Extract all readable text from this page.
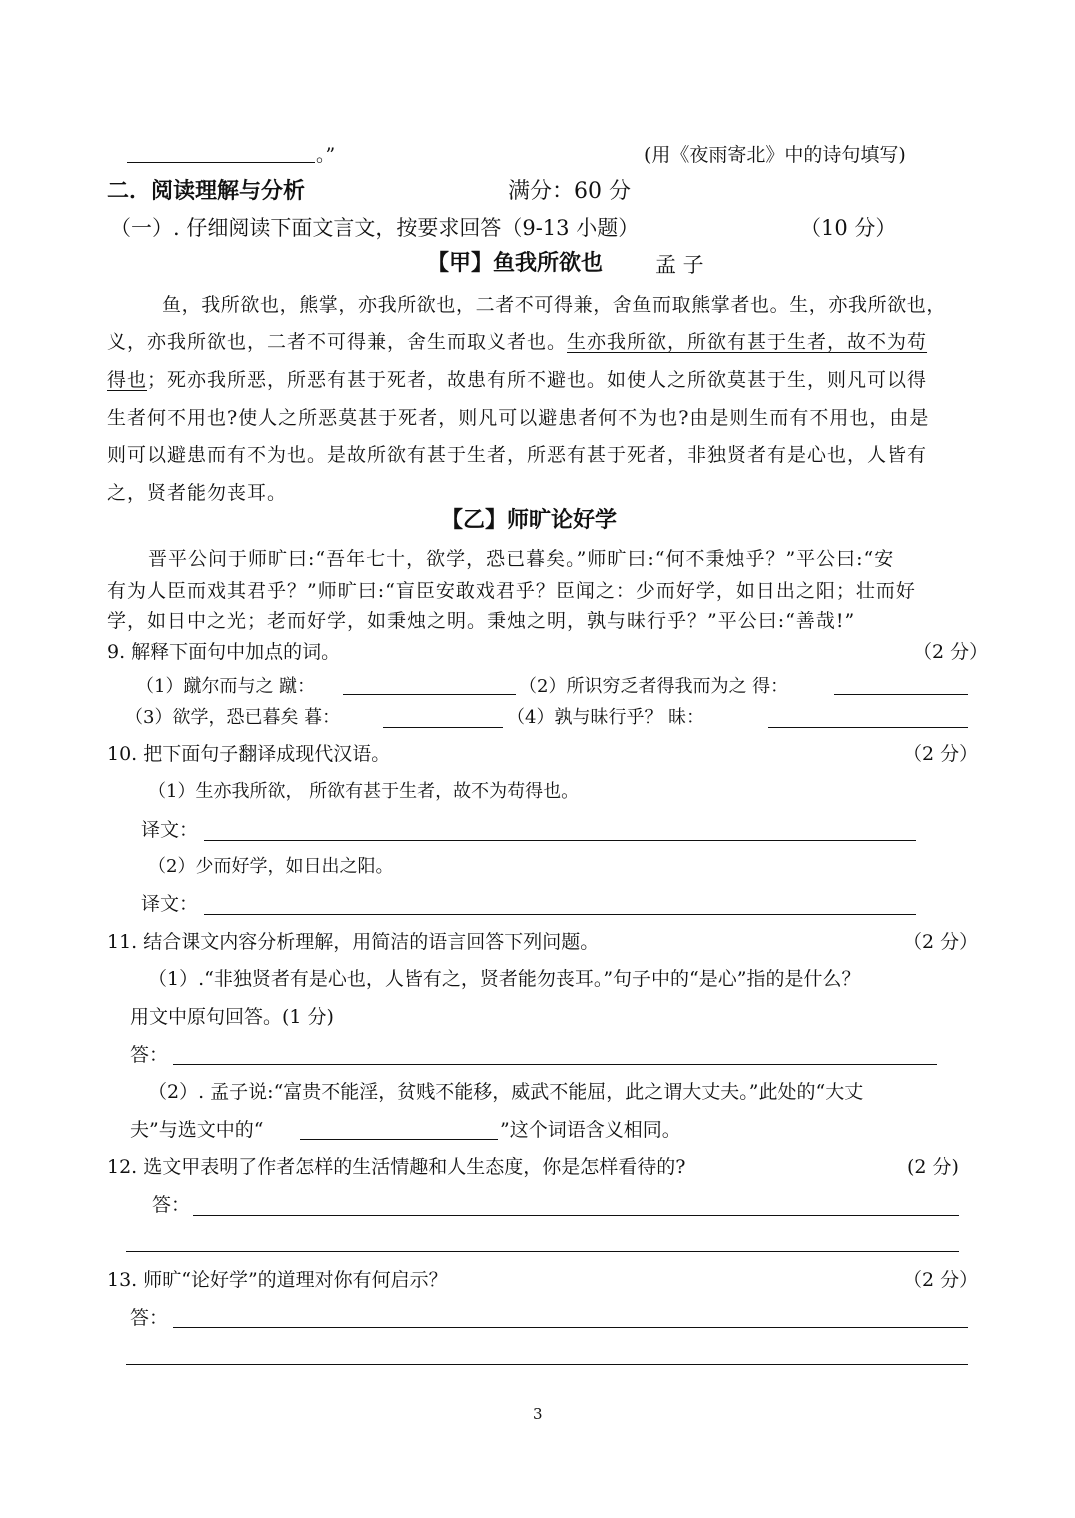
。”	(用《夜雨寄北》中的诗句填写)
二．阅读理解与分析	满分：60 分
（一）. 仔细阅读下面文言文，按要求回答（9-13 小题）	（10 分）
【甲】鱼我所欲也 孟 子
鱼，我所欲也，熊掌，亦我所欲也，二者不可得兼，舍鱼而取熊掌者也。生，亦我所欲也，
义，亦我所欲也，二者不可得兼，舍生而取义者也。生亦我所欲，所欲有甚于生者，故不为苟
得也；死亦我所恶，所恶有甚于死者，故患有所不避也。如使人之所欲莫甚于生，则凡可以得
生者何不用也?使人之所恶莫甚于死者，则凡可以避患者何不为也?由是则生而有不用也，由是
则可以避患而有不为也。是故所欲有甚于生者，所恶有甚于死者，非独贤者有是心也，人皆有
之，贤者能勿丧耳。
【乙】师旷论好学
晋平公问于师旷曰:“吾年七十，欲学，恐已暮矣。”师旷曰:“何不秉烛乎？”平公曰:“安
有为人臣而戏其君乎？”师旷曰:“盲臣安敢戏君乎？臣闻之：少而好学，如日出之阳；壮而好
学，如日中之光；老而好学，如秉烛之明。秉烛之明，孰与昧行乎？”平公曰:“善哉!”
9. 解释下面句中加点的词。	（2 分）
（1）蹴尔而与之 蹴：	（2）所识穷乏者得我而为之 得：
（3）欲学，恐已暮矣 暮：	（4）孰与昧行乎？ 昧：
10. 把下面句子翻译成现代汉语。	（2 分）
（1）生亦我所欲， 所欲有甚于生者，故不为苟得也。
译文：
（2）少而好学，如日出之阳。
译文：
11. 结合课文内容分析理解，用简洁的语言回答下列问题。	（2 分）
（1）.“非独贤者有是心也，人皆有之，贤者能勿丧耳。”句子中的“是心”指的是什么？
用文中原句回答。(1 分)
答：
（2）. 孟子说:“富贵不能淫，贫贱不能移，威武不能屈，此之谓大丈夫。”此处的“大丈
夫”与选文中的“	”这个词语含义相同。
12. 选文甲表明了作者怎样的生活情趣和人生态度，你是怎样看待的?	(2 分)
答：
13. 师旷“论好学”的道理对你有何启示？	（2 分）
答：
3
